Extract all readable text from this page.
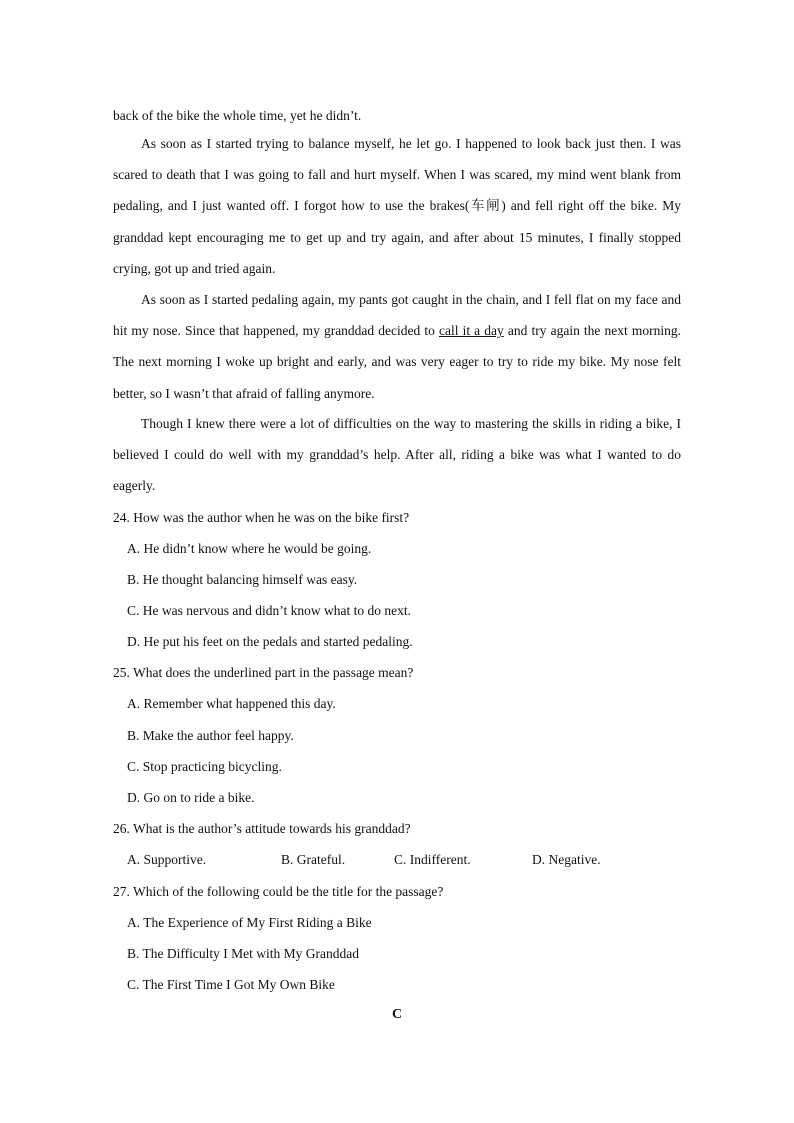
back of the bike the whole time, yet he didn’t.

As soon as I started trying to balance myself, he let go. I happened to look back just then. I was scared to death that I was going to fall and hurt myself. When I was scared, my mind went blank from pedaling, and I just wanted off. I forgot how to use the brakes(车闸) and fell right off the bike. My granddad kept encouraging me to get up and try again, and after about 15 minutes, I finally stopped crying, got up and tried again.

As soon as I started pedaling again, my pants got caught in the chain, and I fell flat on my face and hit my nose. Since that happened, my granddad decided to call it a day and try again the next morning. The next morning I woke up bright and early, and was very eager to try to ride my bike. My nose felt better, so I wasn’t that afraid of falling anymore.

Though I knew there were a lot of difficulties on the way to mastering the skills in riding a bike, I believed I could do well with my granddad’s help. After all, riding a bike was what I wanted to do eagerly.

24. How was the author when he was on the bike first?
A. He didn’t know where he would be going.
B. He thought balancing himself was easy.
C. He was nervous and didn’t know what to do next.
D. He put his feet on the pedals and started pedaling.
25. What does the underlined part in the passage mean?
A. Remember what happened this day.
B. Make the author feel happy.
C. Stop practicing bicycling.
D. Go on to ride a bike.
26. What is the author’s attitude towards his granddad?
A. Supportive.	B. Grateful.	C. Indifferent.	D. Negative.
27. Which of the following could be the title for the passage?
A. The Experience of My First Riding a Bike
B. The Difficulty I Met with My Granddad
C. The First Time I Got My Own Bike
C
